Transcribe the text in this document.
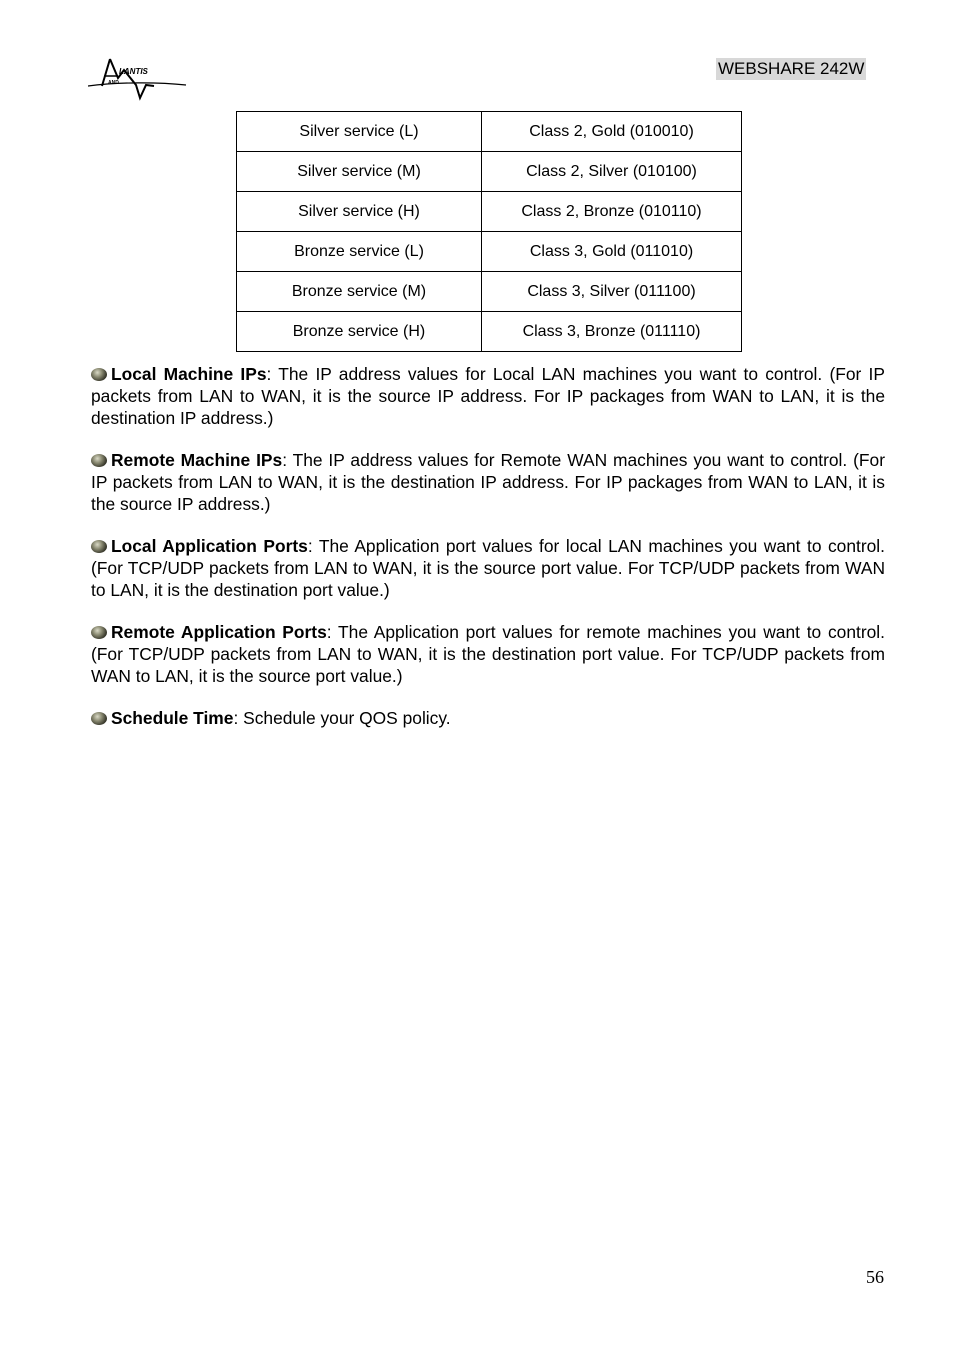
LANTIS
AND
WEBSHARE 242W
Silver service (L)	Class 2, Gold (010010)
Silver service (M)	Class 2, Silver (010100)
Silver service (H)	Class 2, Bronze (010110)
Bronze service (L)	Class 3, Gold (011010)
Bronze service (M)	Class 3, Silver (011100)
Bronze service (H)	Class 3, Bronze (011110)

Local Machine IPs: The IP address values for Local LAN machines you want to control. (For IP packets from LAN to WAN, it is the source IP address. For IP packages from WAN to LAN, it is the destination IP address.)

Remote Machine IPs: The IP address values for Remote WAN machines you want to control. (For IP packets from LAN to WAN, it is the destination IP address. For IP packages from WAN to LAN, it is the source IP address.)

Local Application Ports: The Application port values for local LAN machines you want to control. (For TCP/UDP packets from LAN to WAN, it is the source port value. For TCP/UDP packets from WAN to LAN, it is the destination port value.)

Remote Application Ports: The Application port values for remote machines you want to control. (For TCP/UDP packets from LAN to WAN, it is the destination port value. For TCP/UDP packets from WAN to LAN, it is the source port value.)

Schedule Time: Schedule your QOS policy.

56
